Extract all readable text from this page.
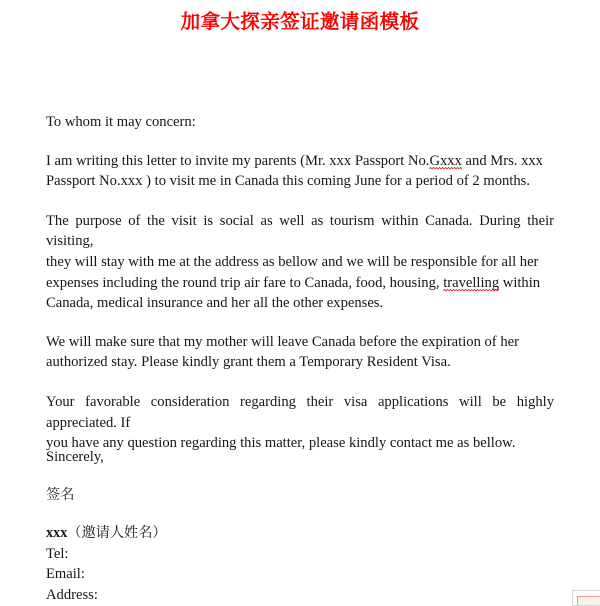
加拿大探亲签证邀请函模板

To whom it may concern:

I am writing this letter to invite my parents (Mr. xxx Passport No.Gxxx and Mrs. xxx Passport No.xxx ) to visit me in Canada this coming June for a period of 2 months.

The purpose of the visit is social as well as tourism within Canada. During their
visiting,
they will stay with me at the address as bellow and we will be responsible for all her
expenses including the round trip air fare to Canada, food, housing, travelling within
Canada, medical insurance and her all the other expenses.

We will make sure that my mother will leave Canada before the expiration of her
authorized stay. Please kindly grant them a Temporary Resident Visa.

Your favorable consideration regarding their visa applications will be highly
appreciated. If
you have any question regarding this matter, please kindly contact me as bellow.

Sincerely,

签名

xxx（邀请人姓名）

Tel:

Email:

Address:
